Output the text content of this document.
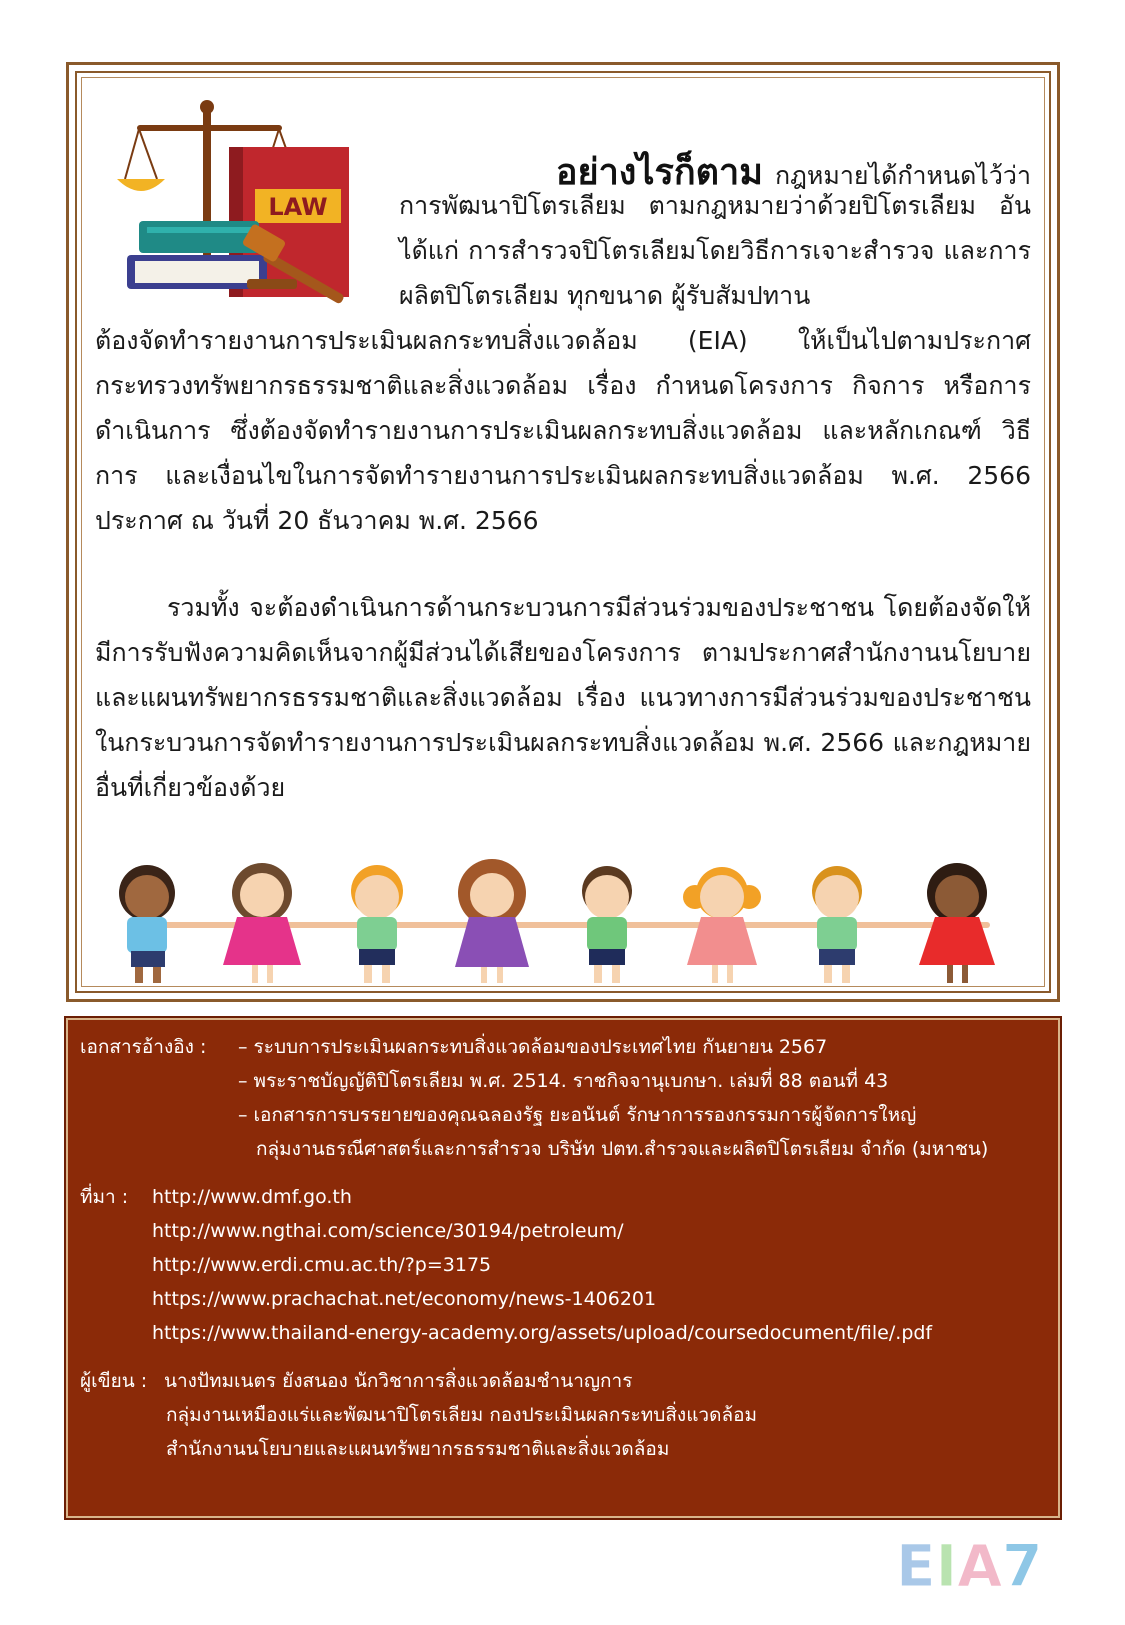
LAW
อย่างไรก็ตาม กฎหมายได้กำหนดไว้ว่า
การพัฒนาปิโตรเลียม ตามกฎหมายว่าด้วยปิโตรเลียม อันได้แก่ การสำรวจปิโตรเลียมโดยวิธีการเจาะสำรวจ และการผลิตปิโตรเลียม ทุกขนาด ผู้รับสัมปทาน
ต้องจัดทำรายงานการประเมินผลกระทบสิ่งแวดล้อม (EIA) ให้เป็นไปตามประกาศกระทรวงทรัพยากรธรรมชาติและสิ่งแวดล้อม เรื่อง กำหนดโครงการ กิจการ หรือการดำเนินการ ซึ่งต้องจัดทำรายงานการประเมินผลกระทบสิ่งแวดล้อม และหลักเกณฑ์ วิธีการ และเงื่อนไขในการจัดทำรายงานการประเมินผลกระทบสิ่งแวดล้อม พ.ศ. 2566 ประกาศ ณ วันที่ 20 ธันวาคม พ.ศ. 2566
รวมทั้ง จะต้องดำเนินการด้านกระบวนการมีส่วนร่วมของประชาชน โดยต้องจัดให้มีการรับฟังความคิดเห็นจากผู้มีส่วนได้เสียของโครงการ ตามประกาศสำนักงานนโยบายและแผนทรัพยากรธรรมชาติและสิ่งแวดล้อม เรื่อง แนวทางการมีส่วนร่วมของประชาชนในกระบวนการจัดทำรายงานการประเมินผลกระทบสิ่งแวดล้อม พ.ศ. 2566 และกฎหมายอื่นที่เกี่ยวข้องด้วย
เอกสารอ้างอิง : – ระบบการประเมินผลกระทบสิ่งแวดล้อมของประเทศไทย กันยายน 2567
– พระราชบัญญัติปิโตรเลียม พ.ศ. 2514. ราชกิจจานุเบกษา. เล่มที่ 88 ตอนที่ 43
– เอกสารการบรรยายของคุณฉลองรัฐ ยะอนันต์ รักษาการรองกรรมการผู้จัดการใหญ่
กลุ่มงานธรณีศาสตร์และการสำรวจ บริษัท ปตท.สำรวจและผลิตปิโตรเลียม จำกัด (มหาชน)
ที่มา : http://www.dmf.go.th
http://www.ngthai.com/science/30194/petroleum/
http://www.erdi.cmu.ac.th/?p=3175
https://www.prachachat.net/economy/news-1406201
https://www.thailand-energy-academy.org/assets/upload/coursedocument/file/.pdf
ผู้เขียน : นางปัทมเนตร ยังสนอง นักวิชาการสิ่งแวดล้อมชำนาญการ
กลุ่มงานเหมืองแร่และพัฒนาปิโตรเลียม กองประเมินผลกระทบสิ่งแวดล้อม
สำนักงานนโยบายและแผนทรัพยากรธรรมชาติและสิ่งแวดล้อม
EIA7
